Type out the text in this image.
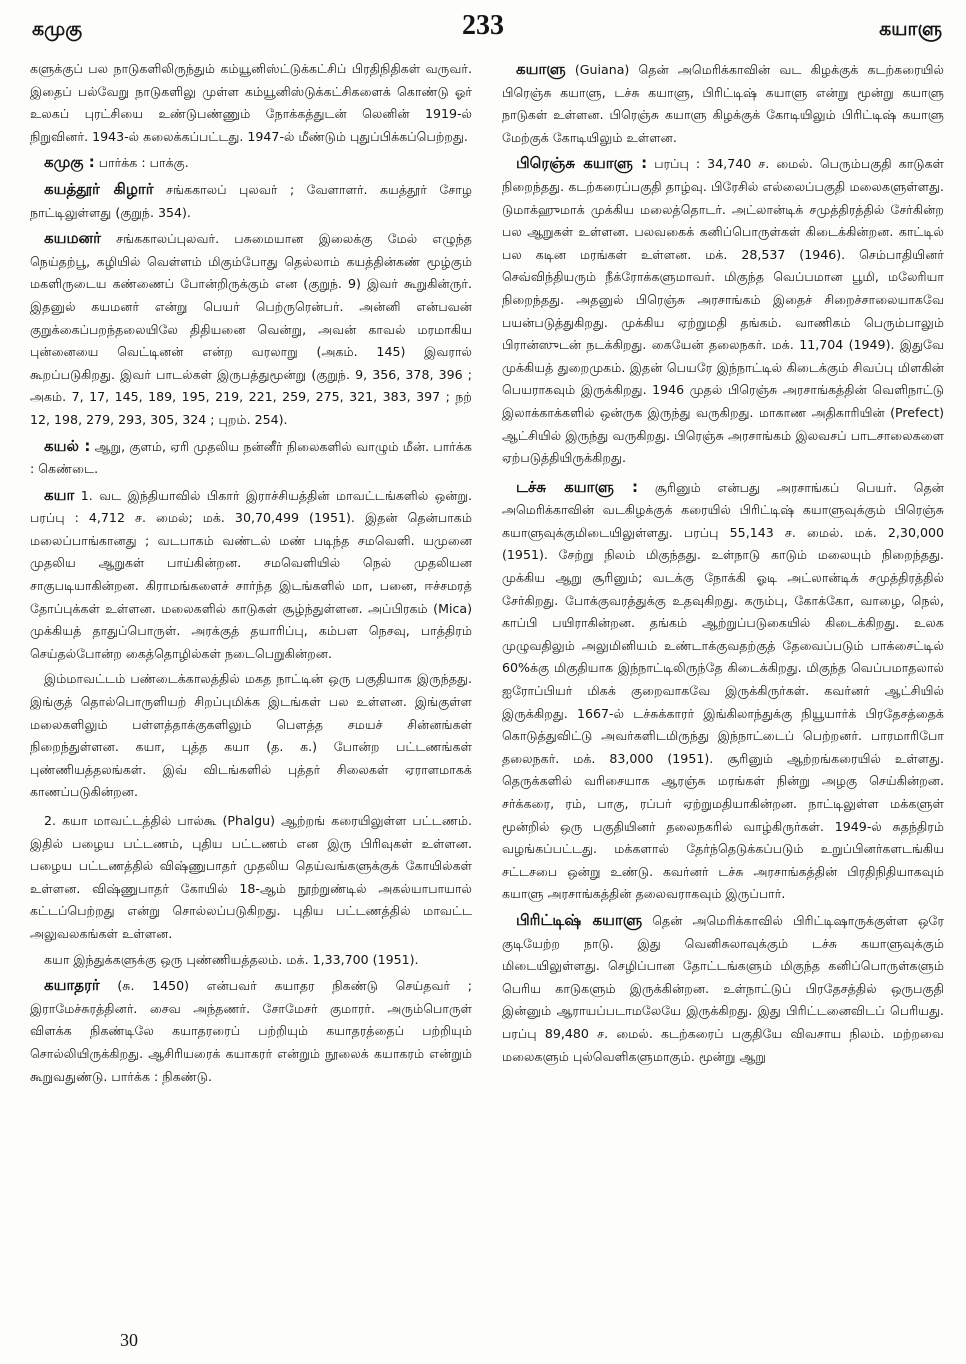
கமுகு	233	கயாளு

களுக்குப் பல நாடுகளிலிருந்தும் கம்யூனிஸ்ட்டுக்கட்சிப் பிரதிநிதிகள் வருவர். இதைப் பல்வேறு நாடுகளிலு முள்ள கம்யூனிஸ்டுக்கட்சிகளைக் கொண்டு ஓர் உலகப் புரட்சியை உண்டுபண்ணும் நோக்கத்துடன் லெனின் 1919-ல் நிறுவினர். 1943-ல் கலைக்கப்பட்டது. 1947-ல் மீண்டும் புதுப்பிக்கப்பெற்றது.

கமுகு : பார்க்க : பாக்கு.

கயத்தூர் கிழார் சங்ககாலப் புலவர் ; வேளாளர். கயத்தூர் சோழ நாட்டிலுள்ளது (குறுந். 354).

கயமனர் சங்ககாலப்புலவர். பசுமையான இலைக்கு மேல் எழுந்த நெய்தற்பூ, கழியில் வெள்ளம் மிகும்போது தெல்லாம் கயத்தின்கண் மூழ்கும் மகளிருடைய கண்ணைப் போன்றிருக்கும் என (குறுந். 9) இவர் கூறுகின்ருர். இதனுல் கயமனர் என்று பெயர் பெற்ருரென்பர். அன்னி என்பவன் குறுக்கைப்பறந்தலையிலே திதியனை வென்று, அவன் காவல் மரமாகிய புன்னையை வெட்டினன் என்ற வரலாறு (அகம். 145) இவரால் கூறப்படுகிறது. இவர் பாடல்கள் இருபத்துமூன்று (குறுந். 9, 356, 378, 396 ; அகம். 7, 17, 145, 189, 195, 219, 221, 259, 275, 321, 383, 397 ; நற் 12, 198, 279, 293, 305, 324 ; புறம். 254).

கயல் : ஆறு, குளம், ஏரி முதலிய நன்னீர் நிலைகளில் வாழும் மீன். பார்க்க : கெண்டை.

கயா 1. வட இந்தியாவில் பிகார் இராச்சியத்தின் மாவட்டங்களில் ஒன்று. பரப்பு : 4,712 ச. மைல்; மக். 30,70,499 (1951). இதன் தென்பாகம் மலைப்பாங்கானது ; வடபாகம் வண்டல் மண் படிந்த சமவெளி. யமுனை முதலிய ஆறுகள் பாய்கின்றன. சமவெளியில் நெல் முதலியன சாகுபடியாகின்றன. கிராமங்களைச் சார்ந்த இடங்களில் மா, பனை, ஈச்சமரத் தோப்புக்கள் உள்ளன. மலைகளில் காடுகள் சூழ்ந்துள்ளன. அப்பிரகம் (Mica) முக்கியத் தாதுப்பொருள். அரக்குத் தயாரிப்பு, கம்பள நெசவு, பாத்திரம் செய்தல்போன்ற கைத்தொழில்கள் நடைபெறுகின்றன.

இம்மாவட்டம் பண்டைக்காலத்தில் மகத நாட்டின் ஒரு பகுதியாக இருந்தது. இங்குத் தொல்பொருளியற் சிறப்புமிக்க இடங்கள் பல உள்ளன. இங்குள்ள மலைகளிலும் பள்ளத்தாக்குகளிலும் பௌத்த சமயச் சின்னங்கள் நிறைந்துள்ளன. கயா, புத்த கயா (த. க.) போன்ற பட்டணங்கள் புண்ணியத்தலங்கள். இவ் விடங்களில் புத்தர் சிலைகள் ஏராளமாகக் காணப்படுகின்றன.

2. கயா மாவட்டத்தில் பால்கூ (Phalgu) ஆற்றங் கரையிலுள்ள பட்டணம். இதில் பழைய பட்டணம், புதிய பட்டணம் என இரு பிரிவுகள் உள்ளன. பழைய பட்டணத்தில் விஷ்ணுபாதர் முதலிய தெய்வங்களுக்குக் கோயில்கள் உள்ளன. விஷ்ணுபாதர் கோயில் 18-ஆம் நூற்றுண்டில் அகல்யாபாயால் கட்டப்பெற்றது என்று சொல்லப்படுகிறது. புதிய பட்டணத்தில் மாவட்ட அலுவலகங்கள் உள்ளன.

கயா இந்துக்களுக்கு ஒரு புண்ணியத்தலம். மக். 1,33,700 (1951).

கயாதரர் (சு. 1450) என்பவர் கயாதர நிகண்டு செய்தவர் ; இராமேச்சுரத்தினர். சைவ அந்தணர். சோமேசர் குமாரர். அரும்பொருள் விளக்க நிகண்டிலே கயாதரரைப் பற்றியும் கயாதரத்தைப் பற்றியும் சொல்லியிருக்கிறது. ஆசிரியரைக் கயாகரர் என்றும் நூலைக் கயாகரம் என்றும் கூறுவதுண்டு. பார்க்க : நிகண்டு.

கயாளு (Guiana) தென் அமெரிக்காவின் வட கிழக்குக் கடற்கரையில் பிரெஞ்சு கயாளு, டச்சு கயாளு, பிரிட்டிஷ் கயாளு என்று மூன்று கயாளு நாடுகள் உள்ளன. பிரெஞ்சு கயாளு கிழக்குக் கோடியிலும் பிரிட்டிஷ் கயாளு மேற்குக் கோடியிலும் உள்ளன.

பிரெஞ்சு கயாளு : பரப்பு : 34,740 ச. மைல். பெரும்பகுதி காடுகள் நிறைந்தது. கடற்கரைப்பகுதி தாழ்வு. பிரேசில் எல்லைப்பகுதி மலைகளுள்ளது. டுமாக்ஹுமாக் முக்கிய மலைத்தொடர். அட்லான்டிக் சமுத்திரத்தில் சேர்கின்ற பல ஆறுகள் உள்ளன. பலவகைக் கனிப்பொருள்கள் கிடைக்கின்றன. காட்டில் பல கடின மரங்கள் உள்ளன. மக். 28,537 (1946). செம்பாதியினர் செவ்விந்தியரும் நீக்ரோக்களுமாவர். மிகுந்த வெப்பமான பூமி, மலேரியா நிறைந்தது. அதனுல் பிரெஞ்சு அரசாங்கம் இதைச் சிறைச்சாலையாகவே பயன்படுத்துகிறது. முக்கிய ஏற்றுமதி தங்கம். வாணிகம் பெரும்பாலும் பிரான்ஸுடன் நடக்கிறது. கையேன் தலைநகர். மக். 11,704 (1949). இதுவே முக்கியத் துறைமுகம். இதன் பெயரே இந்நாட்டில் கிடைக்கும் சிவப்பு மிளகின் பெயராகவும் இருக்கிறது. 1946 முதல் பிரெஞ்சு அரசாங்கத்தின் வெளிநாட்டு இலாக்காக்களில் ஒன்ருக இருந்து வருகிறது. மாகாண அதிகாரியின் (Prefect) ஆட்சியில் இருந்து வருகிறது. பிரெஞ்சு அரசாங்கம் இலவசப் பாடசாலைகளை ஏற்படுத்தியிருக்கிறது.

டச்சு கயாளு : சூரினும் என்பது அரசாங்கப் பெயர். தென் அமெரிக்காவின் வடகிழக்குக் கரையில் பிரிட்டிஷ் கயாளுவுக்கும் பிரெஞ்சு கயாளுவுக்குமிடையிலுள்ளது. பரப்பு 55,143 ச. மைல். மக். 2,30,000 (1951). சேற்று நிலம் மிகுந்தது. உள்நாடு காடும் மலையும் நிறைந்தது. முக்கிய ஆறு சூரினும்; வடக்கு நோக்கி ஓடி அட்லான்டிக் சமுத்திரத்தில் சேர்கிறது. போக்குவரத்துக்கு உதவுகிறது. கரும்பு, கோக்கோ, வாழை, நெல், காப்பி பயிராகின்றன. தங்கம் ஆற்றுப்படுகையில் கிடைக்கிறது. உலக முழுவதிலும் அலுமினியம் உண்டாக்குவதற்குத் தேவைப்படும் பாக்சைட்டில் 60%க்கு மிகுதியாக இந்நாட்டிலிருந்தே கிடைக்கிறது. மிகுந்த வெப்பமாதலால் ஐரோப்பியர் மிகக் குறைவாகவே இருக்கிருர்கள். கவர்னர் ஆட்சியில் இருக்கிறது. 1667-ல் டச்சுக்காரர் இங்கிலாந்துக்கு நியூயார்க் பிரதேசத்தைக் கொடுத்துவிட்டு அவர்களிடமிருந்து இந்நாட்டைப் பெற்றனர். பாரமாரிபோ தலைநகர். மக். 83,000 (1951). சூரினும் ஆற்றங்கரையில் உள்ளது. தெருக்களில் வரிசையாக ஆரஞ்சு மரங்கள் நின்று அழகு செய்கின்றன. சர்க்கரை, ரம், பாகு, ரப்பர் ஏற்றுமதியாகின்றன. நாட்டிலுள்ள மக்களுள் மூன்றில் ஒரு பகுதியினர் தலைநகரில் வாழ்கிருர்கள். 1949-ல் சுதந்திரம் வழங்கப்பட்டது. மக்களால் தேர்ந்தெடுக்கப்படும் உறுப்பினர்களடங்கிய சட்டசபை ஒன்று உண்டு. கவர்னர் டச்சு அரசாங்கத்தின் பிரதிநிதியாகவும் கயாளு அரசாங்கத்தின் தலைவராகவும் இருப்பார்.

பிரிட்டிஷ் கயாளு தென் அமெரிக்காவில் பிரிட்டிஷாருக்குள்ள ஒரே குடியேற்ற நாடு. இது வெனிசுலாவுக்கும் டச்சு கயாளுவுக்கும் மிடையிலுள்ளது. செழிப்பான தோட்டங்களும் மிகுந்த கனிப்பொருள்களும் பெரிய காடுகளும் இருக்கின்றன. உள்நாட்டுப் பிரதேசத்தில் ஒருபகுதி இன்னும் ஆராயப்படாமலேயே இருக்கிறது. இது பிரிட்டனைவிடப் பெரியது. பரப்பு 89,480 ச. மைல். கடற்கரைப் பகுதியே விவசாய நிலம். மற்றவை மலைகளும் புல்வெளிகளுமாகும். மூன்று ஆறு

30
